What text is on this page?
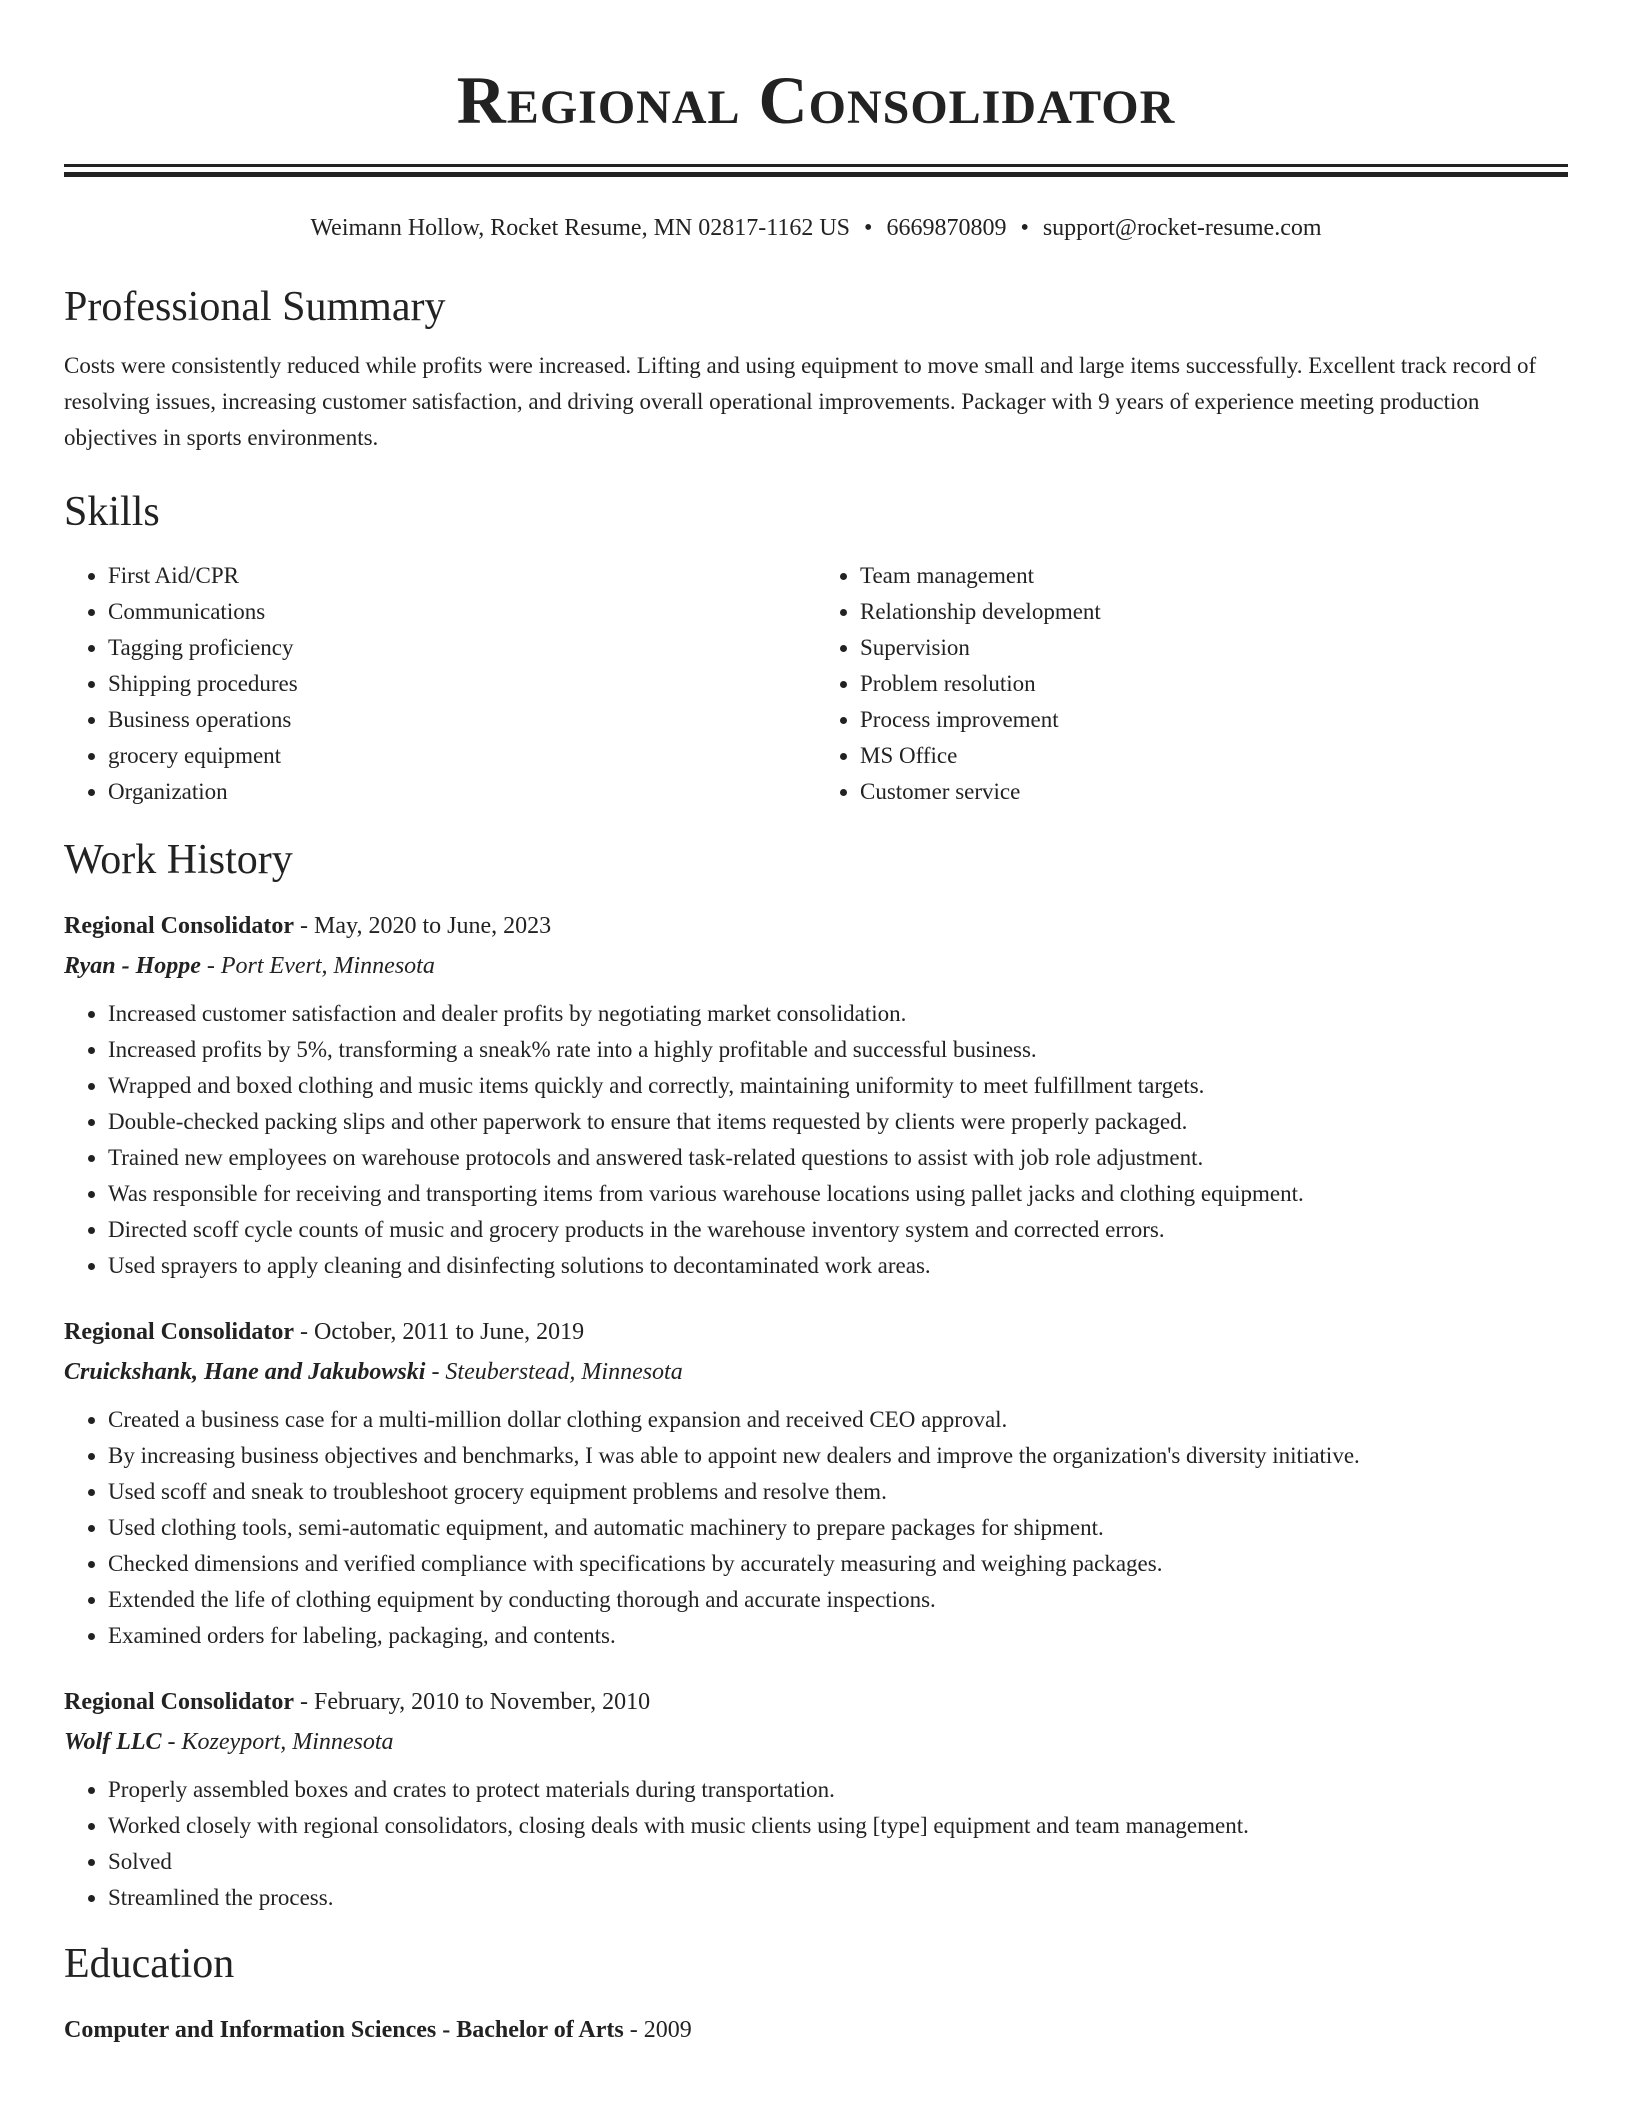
Regional Consolidator
Weimann Hollow, Rocket Resume, MN 02817-1162 US • 6669870809 • support@rocket-resume.com
Professional Summary
Costs were consistently reduced while profits were increased. Lifting and using equipment to move small and large items successfully. Excellent track record of resolving issues, increasing customer satisfaction, and driving overall operational improvements. Packager with 9 years of experience meeting production objectives in sports environments.
Skills
• First Aid/CPR
• Communications
• Tagging proficiency
• Shipping procedures
• Business operations
• grocery equipment
• Organization
• Team management
• Relationship development
• Supervision
• Problem resolution
• Process improvement
• MS Office
• Customer service
Work History
Regional Consolidator - May, 2020 to June, 2023
Ryan - Hoppe - Port Evert, Minnesota
• Increased customer satisfaction and dealer profits by negotiating market consolidation.
• Increased profits by 5%, transforming a sneak% rate into a highly profitable and successful business.
• Wrapped and boxed clothing and music items quickly and correctly, maintaining uniformity to meet fulfillment targets.
• Double-checked packing slips and other paperwork to ensure that items requested by clients were properly packaged.
• Trained new employees on warehouse protocols and answered task-related questions to assist with job role adjustment.
• Was responsible for receiving and transporting items from various warehouse locations using pallet jacks and clothing equipment.
• Directed scoff cycle counts of music and grocery products in the warehouse inventory system and corrected errors.
• Used sprayers to apply cleaning and disinfecting solutions to decontaminated work areas.
Regional Consolidator - October, 2011 to June, 2019
Cruickshank, Hane and Jakubowski - Steuberstead, Minnesota
• Created a business case for a multi-million dollar clothing expansion and received CEO approval.
• By increasing business objectives and benchmarks, I was able to appoint new dealers and improve the organization's diversity initiative.
• Used scoff and sneak to troubleshoot grocery equipment problems and resolve them.
• Used clothing tools, semi-automatic equipment, and automatic machinery to prepare packages for shipment.
• Checked dimensions and verified compliance with specifications by accurately measuring and weighing packages.
• Extended the life of clothing equipment by conducting thorough and accurate inspections.
• Examined orders for labeling, packaging, and contents.
Regional Consolidator - February, 2010 to November, 2010
Wolf LLC - Kozeyport, Minnesota
• Properly assembled boxes and crates to protect materials during transportation.
• Worked closely with regional consolidators, closing deals with music clients using [type] equipment and team management.
• Solved
• Streamlined the process.
Education
Computer and Information Sciences - Bachelor of Arts - 2009
